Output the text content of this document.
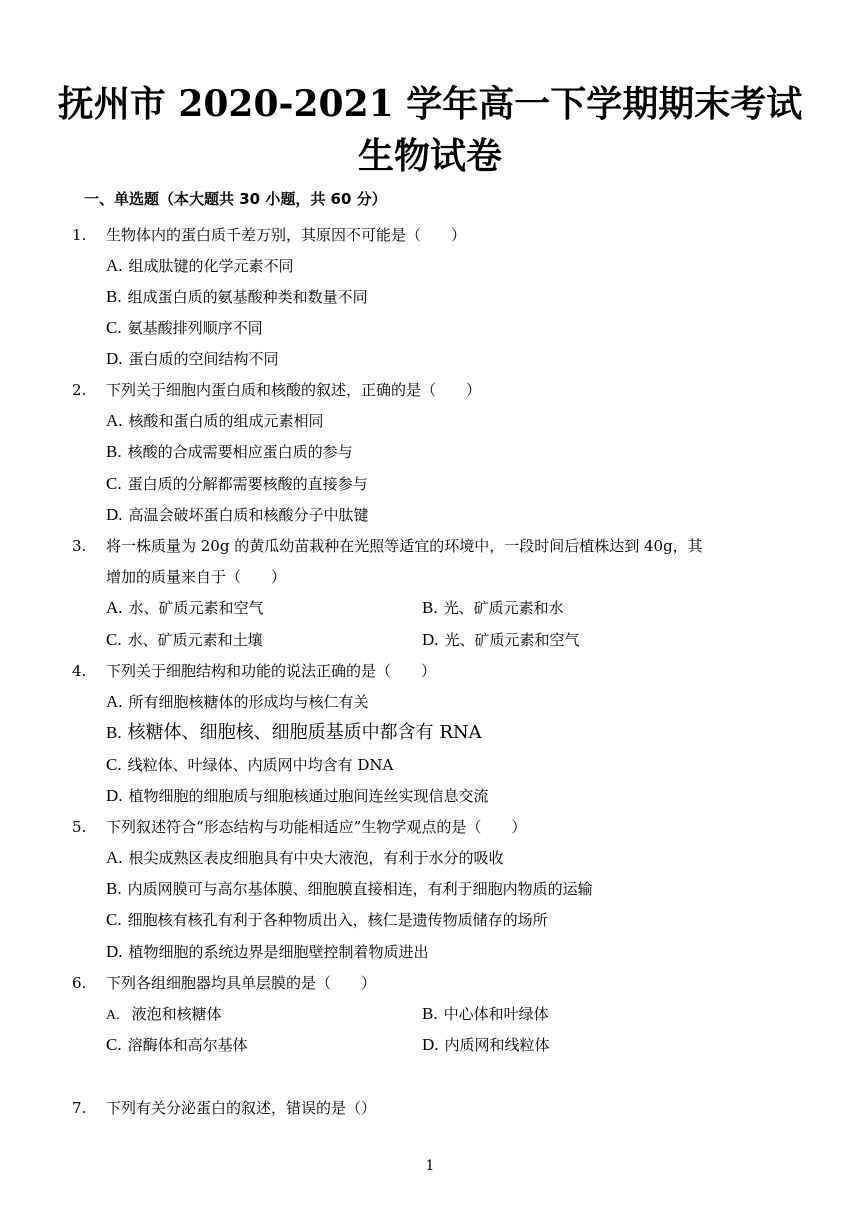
抚州市 2020-2021 学年高一下学期期末考试
生物试卷
一、单选题（本大题共 30 小题，共 60 分）
1. 生物体内的蛋白质千差万别，其原因不可能是（　　）
A. 组成肽键的化学元素不同
B. 组成蛋白质的氨基酸种类和数量不同
C. 氨基酸排列顺序不同
D. 蛋白质的空间结构不同
2. 下列关于细胞内蛋白质和核酸的叙述，正确的是（　　）
A. 核酸和蛋白质的组成元素相同
B. 核酸的合成需要相应蛋白质的参与
C. 蛋白质的分解都需要核酸的直接参与
D. 高温会破坏蛋白质和核酸分子中肽键
3. 将一株质量为 20g 的黄瓜幼苗栽种在光照等适宜的环境中，一段时间后植株达到 40g，其
增加的质量来自于（　　）
A. 水、矿质元素和空气	B. 光、矿质元素和水
C. 水、矿质元素和土壤	D. 光、矿质元素和空气
4. 下列关于细胞结构和功能的说法正确的是（　　）
A. 所有细胞核糖体的形成均与核仁有关
B. 核糖体、细胞核、细胞质基质中都含有 RNA
C. 线粒体、叶绿体、内质网中均含有 DNA
D. 植物细胞的细胞质与细胞核通过胞间连丝实现信息交流
5. 下列叙述符合“形态结构与功能相适应”生物学观点的是（　　）
A. 根尖成熟区表皮细胞具有中央大液泡，有利于水分的吸收
B. 内质网膜可与高尔基体膜、细胞膜直接相连，有利于细胞内物质的运输
C. 细胞核有核孔有利于各种物质出入，核仁是遗传物质储存的场所
D. 植物细胞的系统边界是细胞壁控制着物质进出
6. 下列各组细胞器均具单层膜的是（　　）
A. 液泡和核糖体	B. 中心体和叶绿体
C. 溶酶体和高尔基体	D. 内质网和线粒体
7. 下列有关分泌蛋白的叙述，错误的是（）
1
